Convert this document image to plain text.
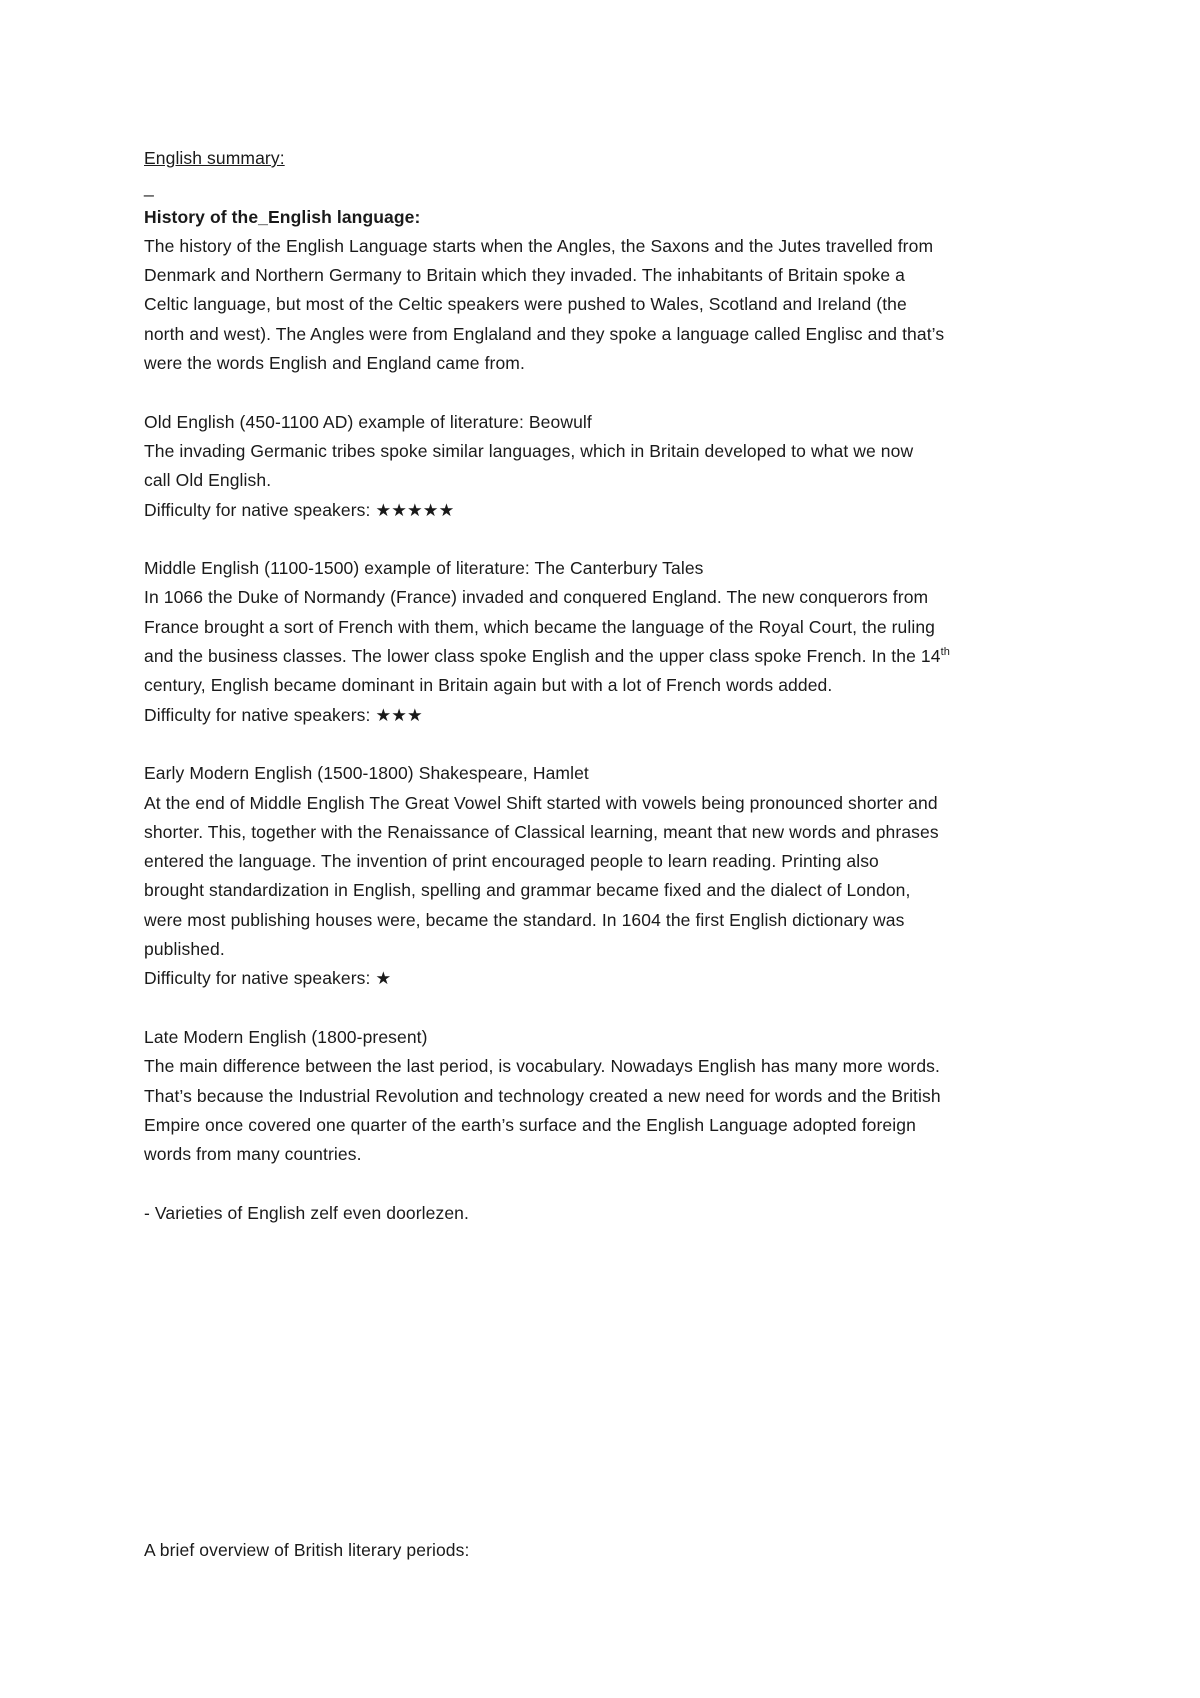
English summary:
_
History of the_English language:
The history of the English Language starts when the Angles, the Saxons and the Jutes travelled from
Denmark and Northern Germany to Britain which they invaded. The inhabitants of Britain spoke a
Celtic language, but most of the Celtic speakers were pushed to Wales, Scotland and Ireland (the
north and west). The Angles were from Englaland and they spoke a language called Englisc and that’s
were the words English and England came from.
Old English (450-1100 AD) example of literature: Beowulf
The invading Germanic tribes spoke similar languages, which in Britain developed to what we now
call Old English.
Difficulty for native speakers: ★★★★★
Middle English (1100-1500) example of literature: The Canterbury Tales
In 1066 the Duke of Normandy (France) invaded and conquered England. The new conquerors from
France brought a sort of French with them, which became the language of the Royal Court, the ruling
and the business classes. The lower class spoke English and the upper class spoke French. In the 14th
century, English became dominant in Britain again but with a lot of French words added.
Difficulty for native speakers: ★★★
Early Modern English (1500-1800) Shakespeare, Hamlet
At the end of Middle English The Great Vowel Shift started with vowels being pronounced shorter and
shorter. This, together with the Renaissance of Classical learning, meant that new words and phrases
entered the language. The invention of print encouraged people to learn reading. Printing also
brought standardization in English, spelling and grammar became fixed and the dialect of London,
were most publishing houses were, became the standard. In 1604 the first English dictionary was
published.
Difficulty for native speakers: ★
Late Modern English (1800-present)
The main difference between the last period, is vocabulary. Nowadays English has many more words.
That’s because the Industrial Revolution and technology created a new need for words and the British
Empire once covered one quarter of the earth’s surface and the English Language adopted foreign
words from many countries.
- Varieties of English zelf even doorlezen.
A brief overview of British literary periods:
